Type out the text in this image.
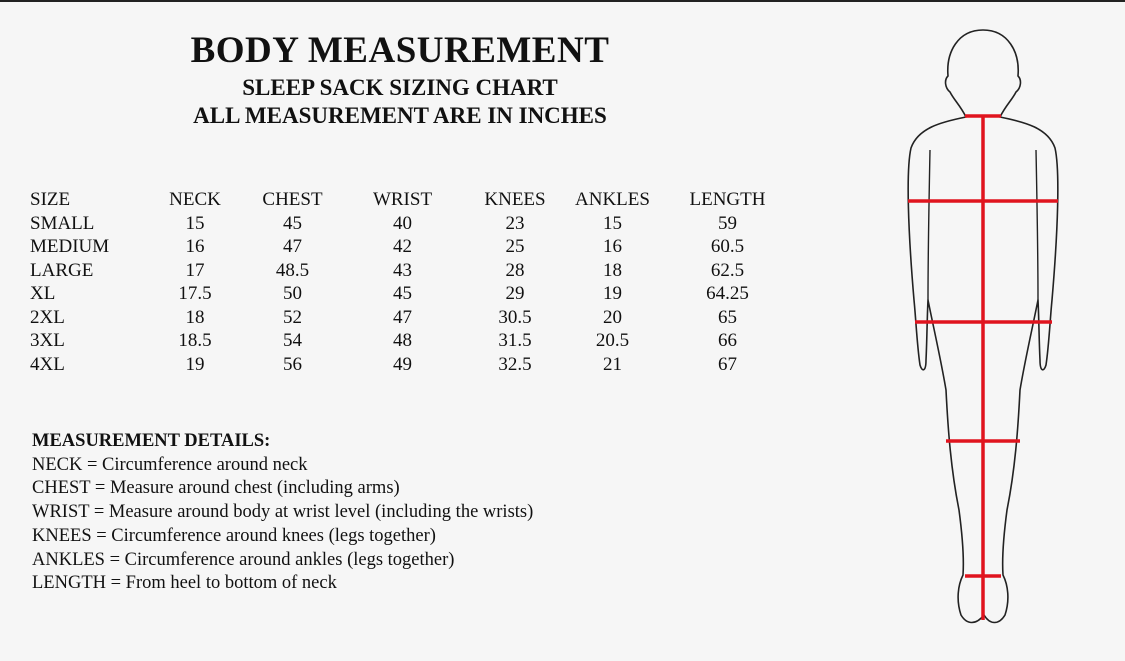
BODY MEASUREMENT
SLEEP SACK SIZING CHART
ALL MEASUREMENT ARE IN INCHES
SIZE	NECK	CHEST	WRIST	KNEES	ANKLES	LENGTH
SMALL	15	45	40	23	15	59
MEDIUM	16	47	42	25	16	60.5
LARGE	17	48.5	43	28	18	62.5
XL	17.5	50	45	29	19	64.25
2XL	18	52	47	30.5	20	65
3XL	18.5	54	48	31.5	20.5	66
4XL	19	56	49	32.5	21	67
MEASUREMENT DETAILS:
NECK = Circumference around neck
CHEST = Measure around chest (including arms)
WRIST = Measure around body at wrist level (including the wrists)
KNEES = Circumference around knees (legs together)
ANKLES = Circumference around ankles (legs together)
LENGTH = From heel to bottom of neck
